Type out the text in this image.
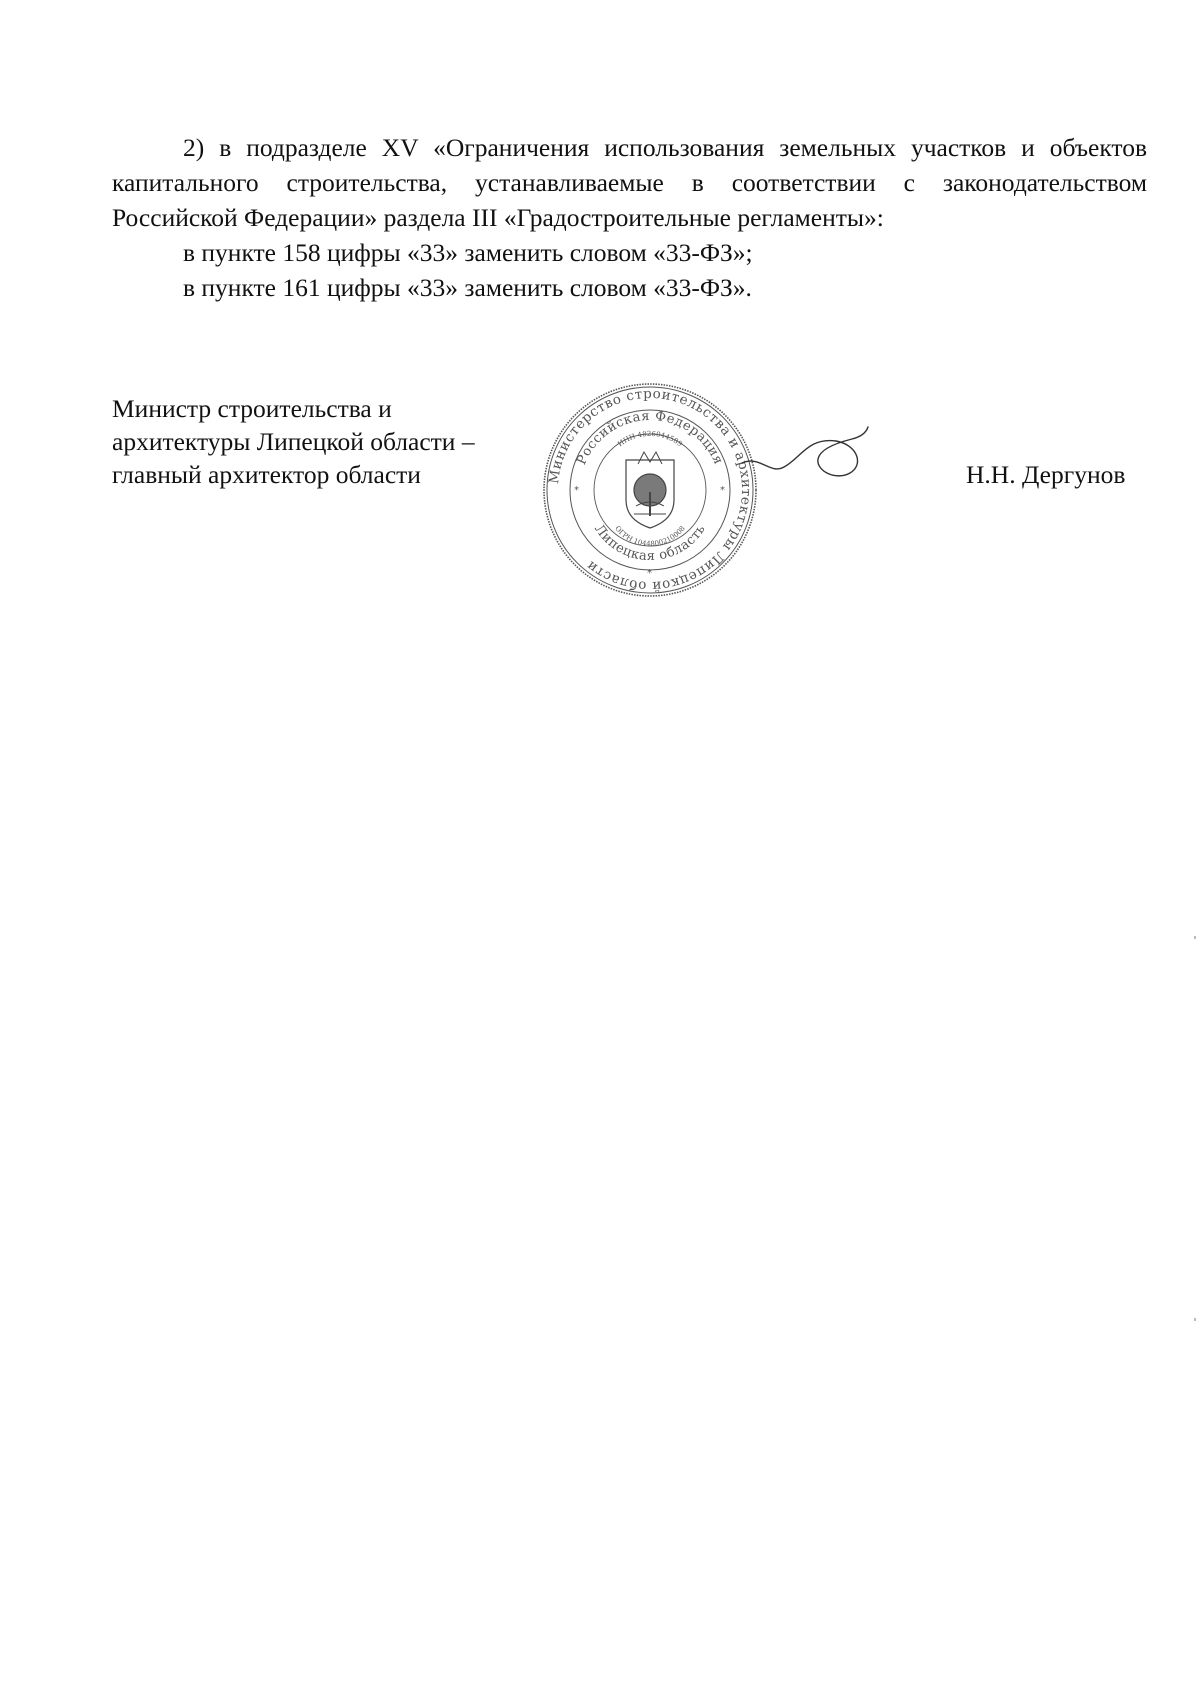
2) в подразделе XV «Ограничения использования земельных участков и объектов капитального строительства, устанавливаемые в соответствии с законодательством Российской Федерации» раздела III «Градостроительные регламенты»:

в пункте 158 цифры «33» заменить словом «33-ФЗ»;

в пункте 161 цифры «33» заменить словом «33-ФЗ».

Министр строительства и
архитектуры Липецкой области –
главный архитектор области	Министерство строительства и архитектуры Липецкой области
Российская Федерация
Липецкая область
ИНН 4826044589
ОГРН 1044800210008
*	*
*
Н.Н. Дергунов
